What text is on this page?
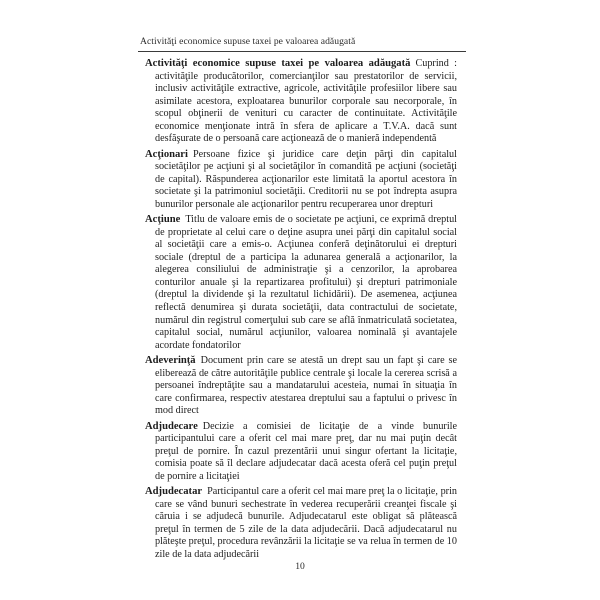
Activităţi economice supuse taxei pe valoarea adăugată

Activităţi economice supuse taxei pe valoarea adăugată Cuprind : activităţile producătorilor, comercianţilor sau prestatorilor de servicii, inclusiv activităţile extractive, agricole, activităţile profesiilor libere sau asimilate acestora, exploatarea bunurilor corporale sau necorporale, în scopul obţinerii de venituri cu caracter de continuitate. Activităţile economice menţionate intră în sfera de aplicare a T.V.A. dacă sunt desfăşurate de o persoană care acţionează de o manieră independentă

Acţionari Persoane fizice şi juridice care deţin părţi din capitalul societăţilor pe acţiuni şi al societăţilor în comandită pe acţiuni (societăţi de capital). Răspunderea acţionarilor este limitată la aportul acestora în societate şi la patrimoniul societăţii. Creditorii nu se pot îndrepta asupra bunurilor personale ale acţionarilor pentru recuperarea unor drepturi

Acţiune Titlu de valoare emis de o societate pe acţiuni, ce exprimă dreptul de proprietate al celui care o deţine asupra unei părţi din capitalul social al societăţii care a emis-o. Acţiunea conferă deţinătorului ei drepturi sociale (dreptul de a participa la adunarea generală a acţionarilor, la alegerea consiliului de administraţie şi a cenzorilor, la aprobarea conturilor anuale şi la repartizarea profitului) şi drepturi patrimoniale (dreptul la dividende şi la rezultatul lichidării). De asemenea, acţiunea reflectă denumirea şi durata societăţii, data contractului de societate, numărul din registrul comerţului sub care se află înmatriculată societatea, capitalul social, numărul acţiunilor, valoarea nominală şi avantajele acordate fondatorilor

Adeverinţă Document prin care se atestă un drept sau un fapt şi care se eliberează de către autorităţile publice centrale şi locale la cererea scrisă a persoanei îndreptăţite sau a mandatarului acesteia, numai în situaţia în care confirmarea, respectiv atestarea dreptului sau a faptului o privesc în mod direct

Adjudecare Decizie a comisiei de licitaţie de a vinde bunurile participantului care a oferit cel mai mare preţ, dar nu mai puţin decât preţul de pornire. În cazul prezentării unui singur ofertant la licitaţie, comisia poate să îl declare adjudecatar dacă acesta oferă cel puţin preţul de pornire a licitaţiei

Adjudecatar Participantul care a oferit cel mai mare preţ la o licitaţie, prin care se vând bunuri sechestrate în vederea recuperării creanţei fiscale şi căruia i se adjudecă bunurile. Adjudecatarul este obligat să plătească preţul în termen de 5 zile de la data adjudecării. Dacă adjudecatarul nu plăteşte preţul, procedura revânzării la licitaţie se va relua în termen de 10 zile de la data adjudecării

10
